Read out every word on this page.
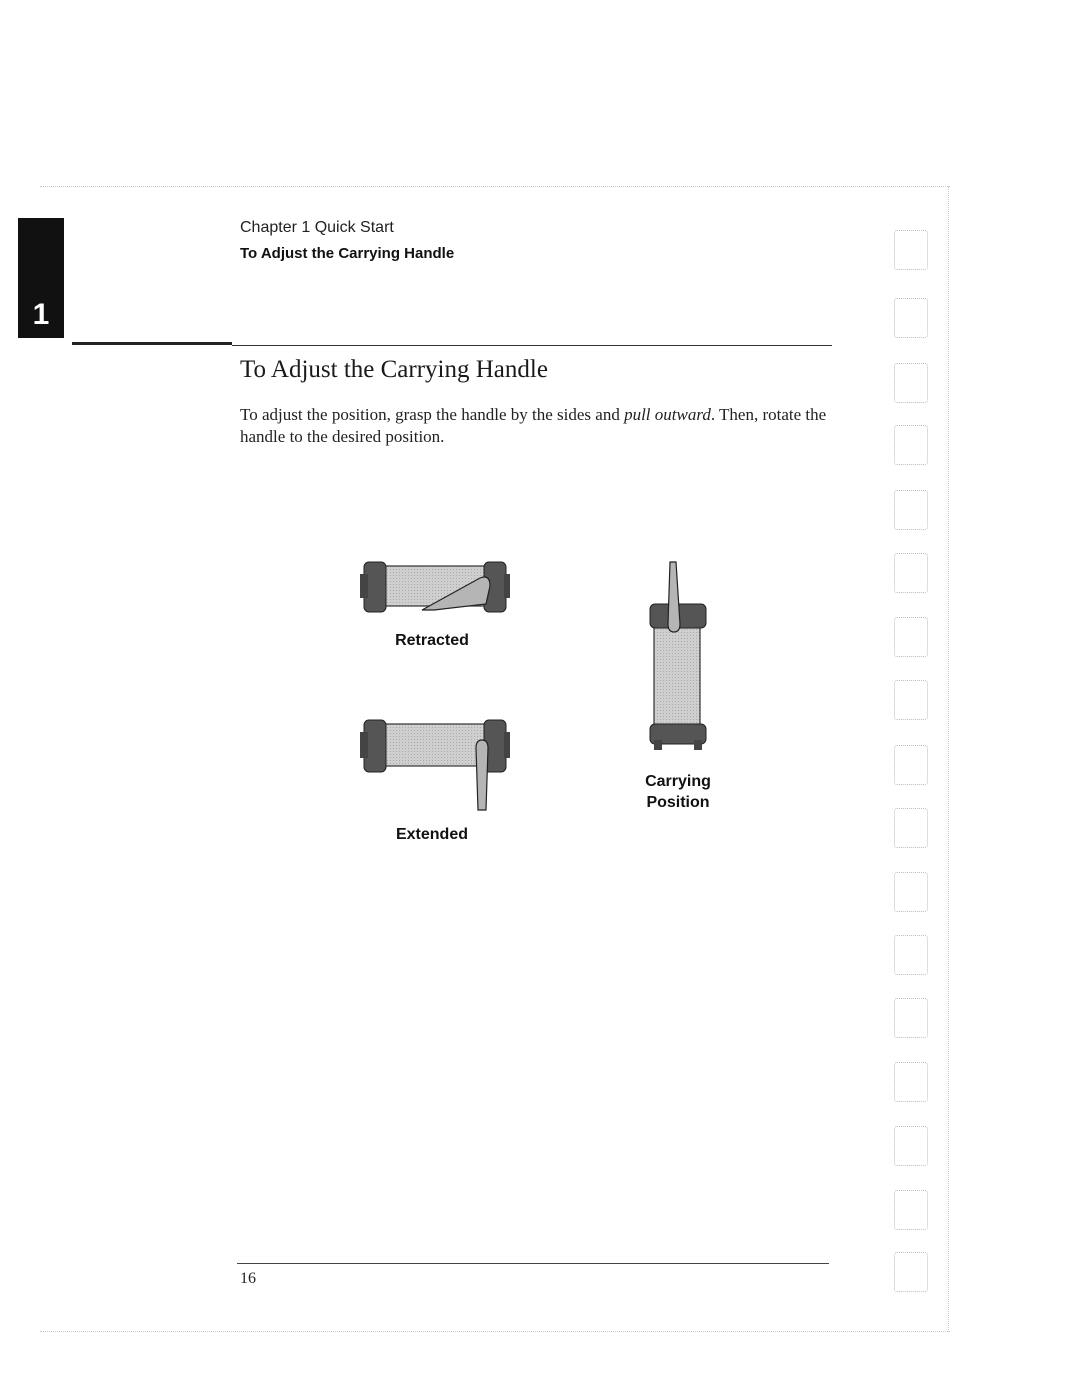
1
Chapter 1 Quick Start
To Adjust the Carrying Handle
To Adjust the Carrying Handle
To adjust the position, grasp the handle by the sides and pull outward. Then, rotate the handle to the desired position.
Retracted
Extended
Carrying
Position
16
